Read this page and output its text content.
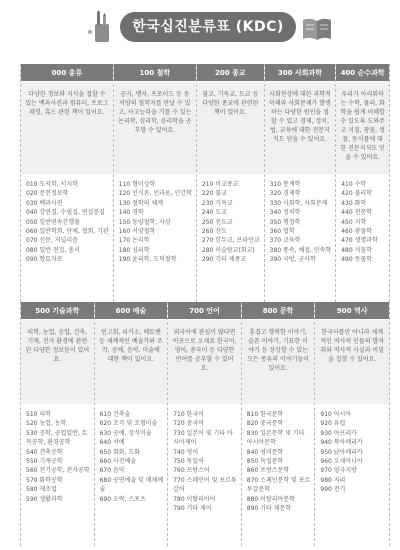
한국십진분류표 (KDC)
000 총류
다양한 정보와 지식을 접할 수 있는 백과사전과 컴퓨터, 프로그래밍, 혹드 관련 책이 있어요.
010 도서학, 서지학
020 문헌정보학
030 백과사전
040 강연집, 수필집, 연설문집
050 일반연속간행물
060 일반학회, 단체, 협회, 기관
070 신문, 저널리즘
080 일반 전집, 총서
090 향토자료
100 철학
공자, 맹자, 프로이드 등 동서양의 철학자를 만날 수 있고, 사고능력을 기를 수 있는 논리학, 심리학, 윤리학을 공부할 수 있어요.
110 형이상학
120 인식론, 인과론, 인간학
130 철학의 체계
140 경학
150 동양철학, 사상
160 서양철학
170 논리학
180 심리학
190 윤리학, 도덕철학
200 종교
불교, 기독교, 도교 등 다양한 종교에 관련된 책이 있어요.
210 비교종교
220 불교
230 기독교
240 도교
250 천도교
260 신도
270 힌두교, 브라만교
280 이슬람교(회교)
290 기타 제종교
300 사회과학
사회현상에 대한 과학적 이해와 사회문제가 발생하는 다양한 원인을 접할 수 있고 경제, 정치, 법, 교육에 대한 전문지식도 얻을 수 있어요.
310 통계학
320 경제학
330 사회학, 사회문제
340 정치학
350 행정학
360 법학
370 교육학
380 풍속, 예절, 민속학
390 국방, 군사학
400 순수과학
우리가 아리워하는 수학, 물리, 화학을 쉽게 이해할 수 있도록 도와주고 지질, 광물, 생물, 동식물에 대한 전문지식도 얻을 수 있어요.
410 수학
420 물리학
430 화학
440 천문학
450 지학
460 광물학
470 생명과학
480 식물학
490 동물학
500 기술과학
의학, 농업, 공업, 건축, 기계, 전자 환경에 관련된 다양한 정보들이 있어요.
510 의학
520 농업, 농학
530 공학, 공업일반, 토목공학, 환경공학
540 건축공학
550 기계공학
560 전기공학, 전자공학
570 화학공학
580 제조업
590 생활과학
600 예술
연고회, 피카소, 베토벤 등 세계적인 예술가와 조각, 공예, 음악, 미술에 대한 책이 있어요.
610 건축술
620 조각 및 조형미술
630 공예, 장식미술
640 서예
650 회화, 도화
660 사진예술
670 음악
680 공연예술 및 매체예술
690 오락, 스포츠
700 언어
외국어에 관심이 많다면 이곳으로 오세요 한국어, 영어, 중국어 등 다양한 언어를 공부할 수 있어요.
710 한국어
720 중국어
730 일본어 및 기타 아시아제어
740 영어
750 독일어
760 프랑스어
770 스페인어 및 포르투갈어
780 이탈리아어
790 기타 제어
800 문학
흥겹고 행복한 이야기, 슬픈 이야기, 기묘한 이야기 등 상상할 수 있는 모든 종류의 이야기들이 있어요.
810 한국문학
820 중국문학
830 일본문학 및 기타 아시아문학
840 영미문학
850 독일문학
860 프랑스문학
870 스페인문학 및 포르투갈문학
880 이탈리아문학
890 기타 제문학
900 역사
한국사를만 아니라 세계적인 역사적 인물의 발자취와 역사적 사실과 비밀을 접할 수 있어요.
910 아시아
920 유럽
930 아프리카
940 북아메리카
950 남아메리카
960 오세아니아
970 양극지방
980 지리
990 전기
